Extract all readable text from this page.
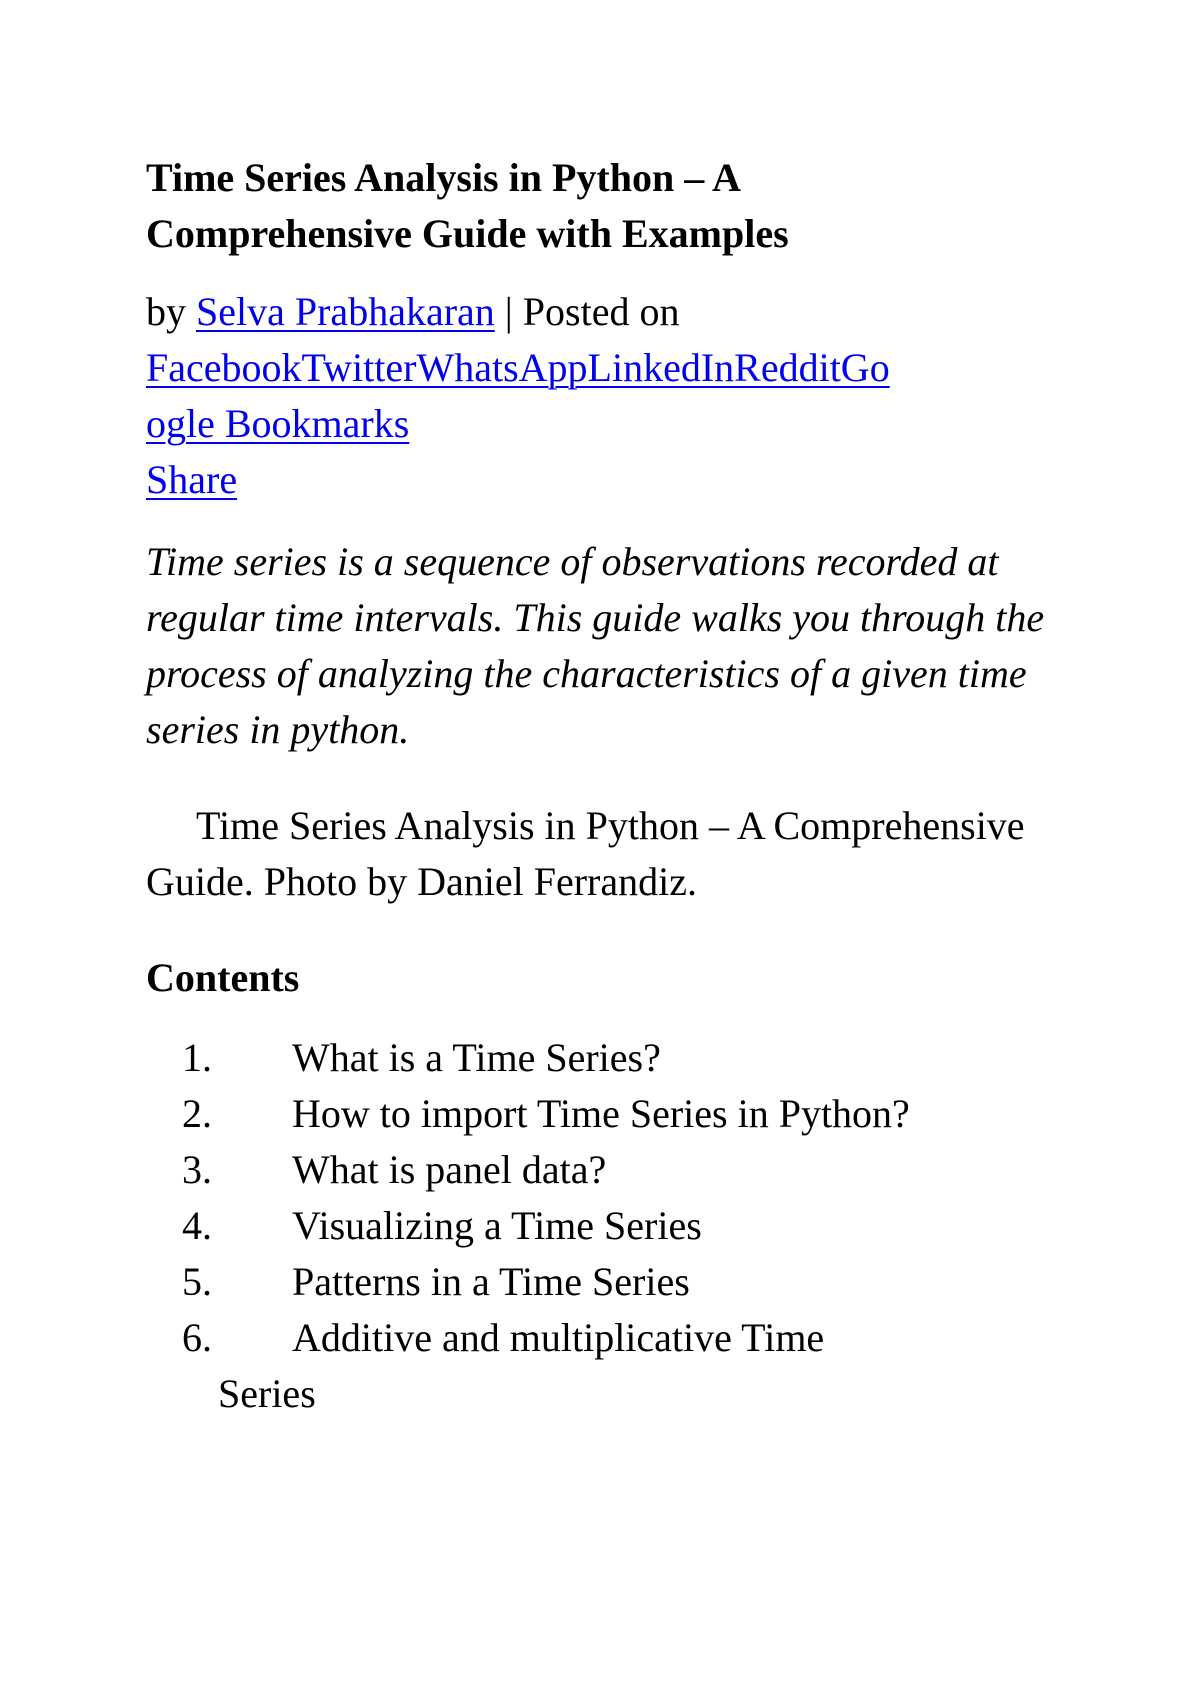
Time Series Analysis in Python – A
Comprehensive Guide with Examples
by Selva Prabhakaran | Posted on
FacebookTwitterWhatsAppLinkedInRedditGo
ogle Bookmarks
Share

Time series is a sequence of observations recorded at regular time intervals. This guide walks you through the process of analyzing the characteristics of a given time series in python.

Time Series Analysis in Python – A Comprehensive Guide. Photo by Daniel Ferrandiz.

Contents
1. What is a Time Series?
2. How to import Time Series in Python?
3. What is panel data?
4. Visualizing a Time Series
5. Patterns in a Time Series
6. Additive and multiplicative Time
Series
